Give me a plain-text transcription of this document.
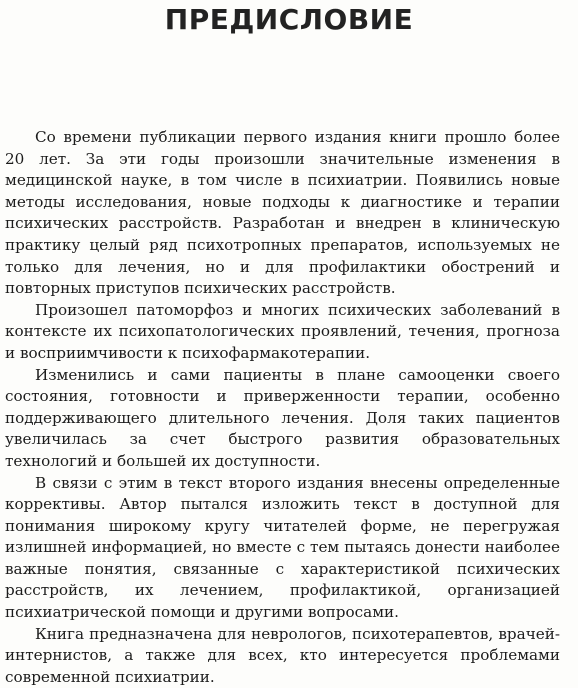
ПРЕДИСЛОВИЕ

Со времени публикации первого издания книги прошло более 20 лет. За эти годы произошли значительные изменения в медицинской науке, в том числе в психиатрии. Появились новые методы исследования, новые подходы к диагностике и терапии психических расстройств. Разработан и внедрен в клиническую практику целый ряд психотропных препаратов, используемых не только для лечения, но и для профилактики обострений и повторных приступов психических расстройств.

Произошел патоморфоз и многих психических заболеваний в контексте их психопатологических проявлений, течения, прогноза и восприимчивости к психофармакотерапии.

Изменились и сами пациенты в плане самооценки своего состояния, готовности и приверженности терапии, особенно поддерживающего длительного лечения. Доля таких пациентов увеличилась за счет быстрого развития образовательных технологий и большей их доступности.

В связи с этим в текст второго издания внесены определенные коррективы. Автор пытался изложить текст в доступной для понимания широкому кругу читателей форме, не перегружая излишней информацией, но вместе с тем пытаясь донести наиболее важные понятия, связанные с характеристикой психических расстройств, их лечением, профилактикой, организацией психиатрической помощи и другими вопросами.

Книга предназначена для неврологов, психотерапевтов, врачей-интернистов, а также для всех, кто интересуется проблемами современной психиатрии.
